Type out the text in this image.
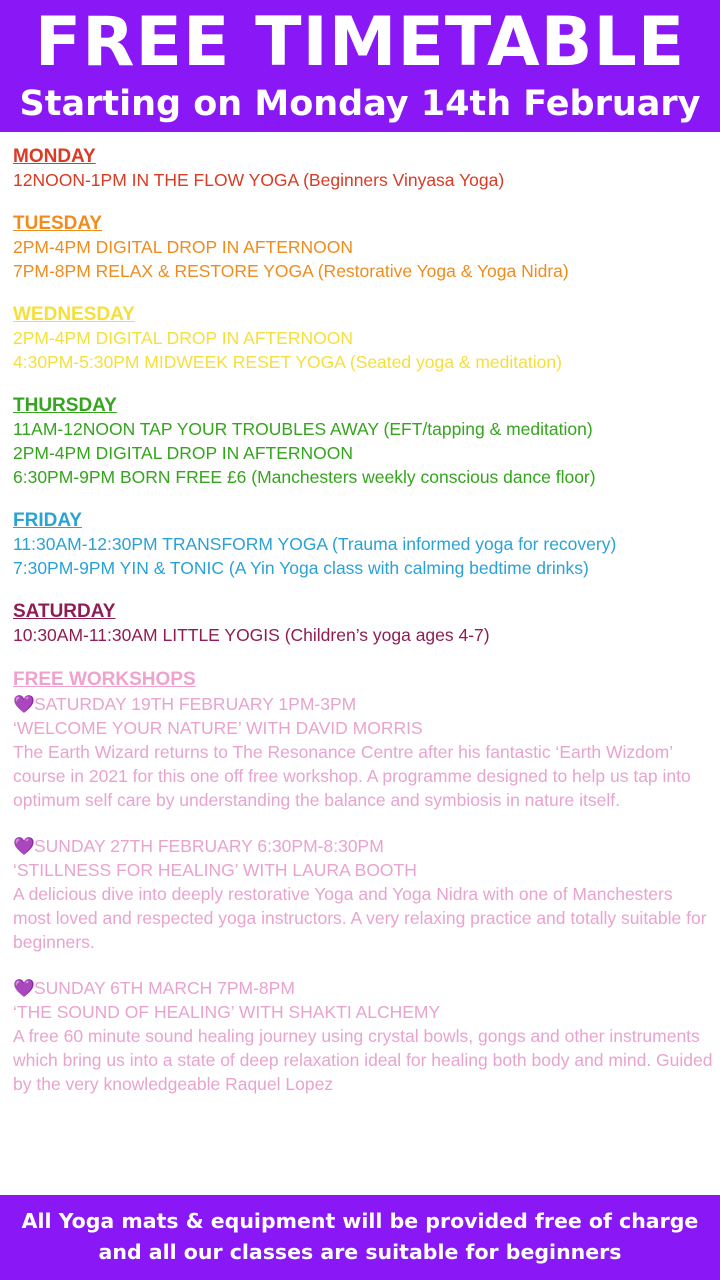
FREE TIMETABLE
Starting on Monday 14th February
MONDAY
12NOON-1PM IN THE FLOW YOGA (Beginners Vinyasa Yoga)
TUESDAY
2PM-4PM DIGITAL DROP IN AFTERNOON
7PM-8PM RELAX & RESTORE YOGA (Restorative Yoga & Yoga Nidra)
WEDNESDAY
2PM-4PM DIGITAL DROP IN AFTERNOON
4:30PM-5:30PM MIDWEEK RESET YOGA (Seated yoga & meditation)
THURSDAY
11AM-12NOON TAP YOUR TROUBLES AWAY (EFT/tapping & meditation)
2PM-4PM DIGITAL DROP IN AFTERNOON
6:30PM-9PM BORN FREE £6 (Manchesters weekly conscious dance floor)
FRIDAY
11:30AM-12:30PM TRANSFORM YOGA (Trauma informed yoga for recovery)
7:30PM-9PM YIN & TONIC (A Yin Yoga class with calming bedtime drinks)
SATURDAY
10:30AM-11:30AM LITTLE YOGIS (Children’s yoga ages 4-7)
FREE WORKSHOPS
💜SATURDAY 19TH FEBRUARY 1PM-3PM
‘WELCOME YOUR NATURE’ WITH DAVID MORRIS
The Earth Wizard returns to The Resonance Centre after his fantastic ‘Earth Wizdom’ course in 2021 for this one off free workshop. A programme designed to help us tap into optimum self care by understanding the balance and symbiosis in nature itself.
💜SUNDAY 27TH FEBRUARY 6:30PM-8:30PM
‘STILLNESS FOR HEALING’ WITH LAURA BOOTH
A delicious dive into deeply restorative Yoga and Yoga Nidra with one of Manchesters most loved and respected yoga instructors. A very relaxing practice and totally suitable for beginners.
💜SUNDAY 6TH MARCH 7PM-8PM
‘THE SOUND OF HEALING’ WITH SHAKTI ALCHEMY
A free 60 minute sound healing journey using crystal bowls, gongs and other instruments which bring us into a state of deep relaxation ideal for healing both body and mind. Guided by the very knowledgeable Raquel Lopez
All Yoga mats & equipment will be provided free of charge
and all our classes are suitable for beginners
